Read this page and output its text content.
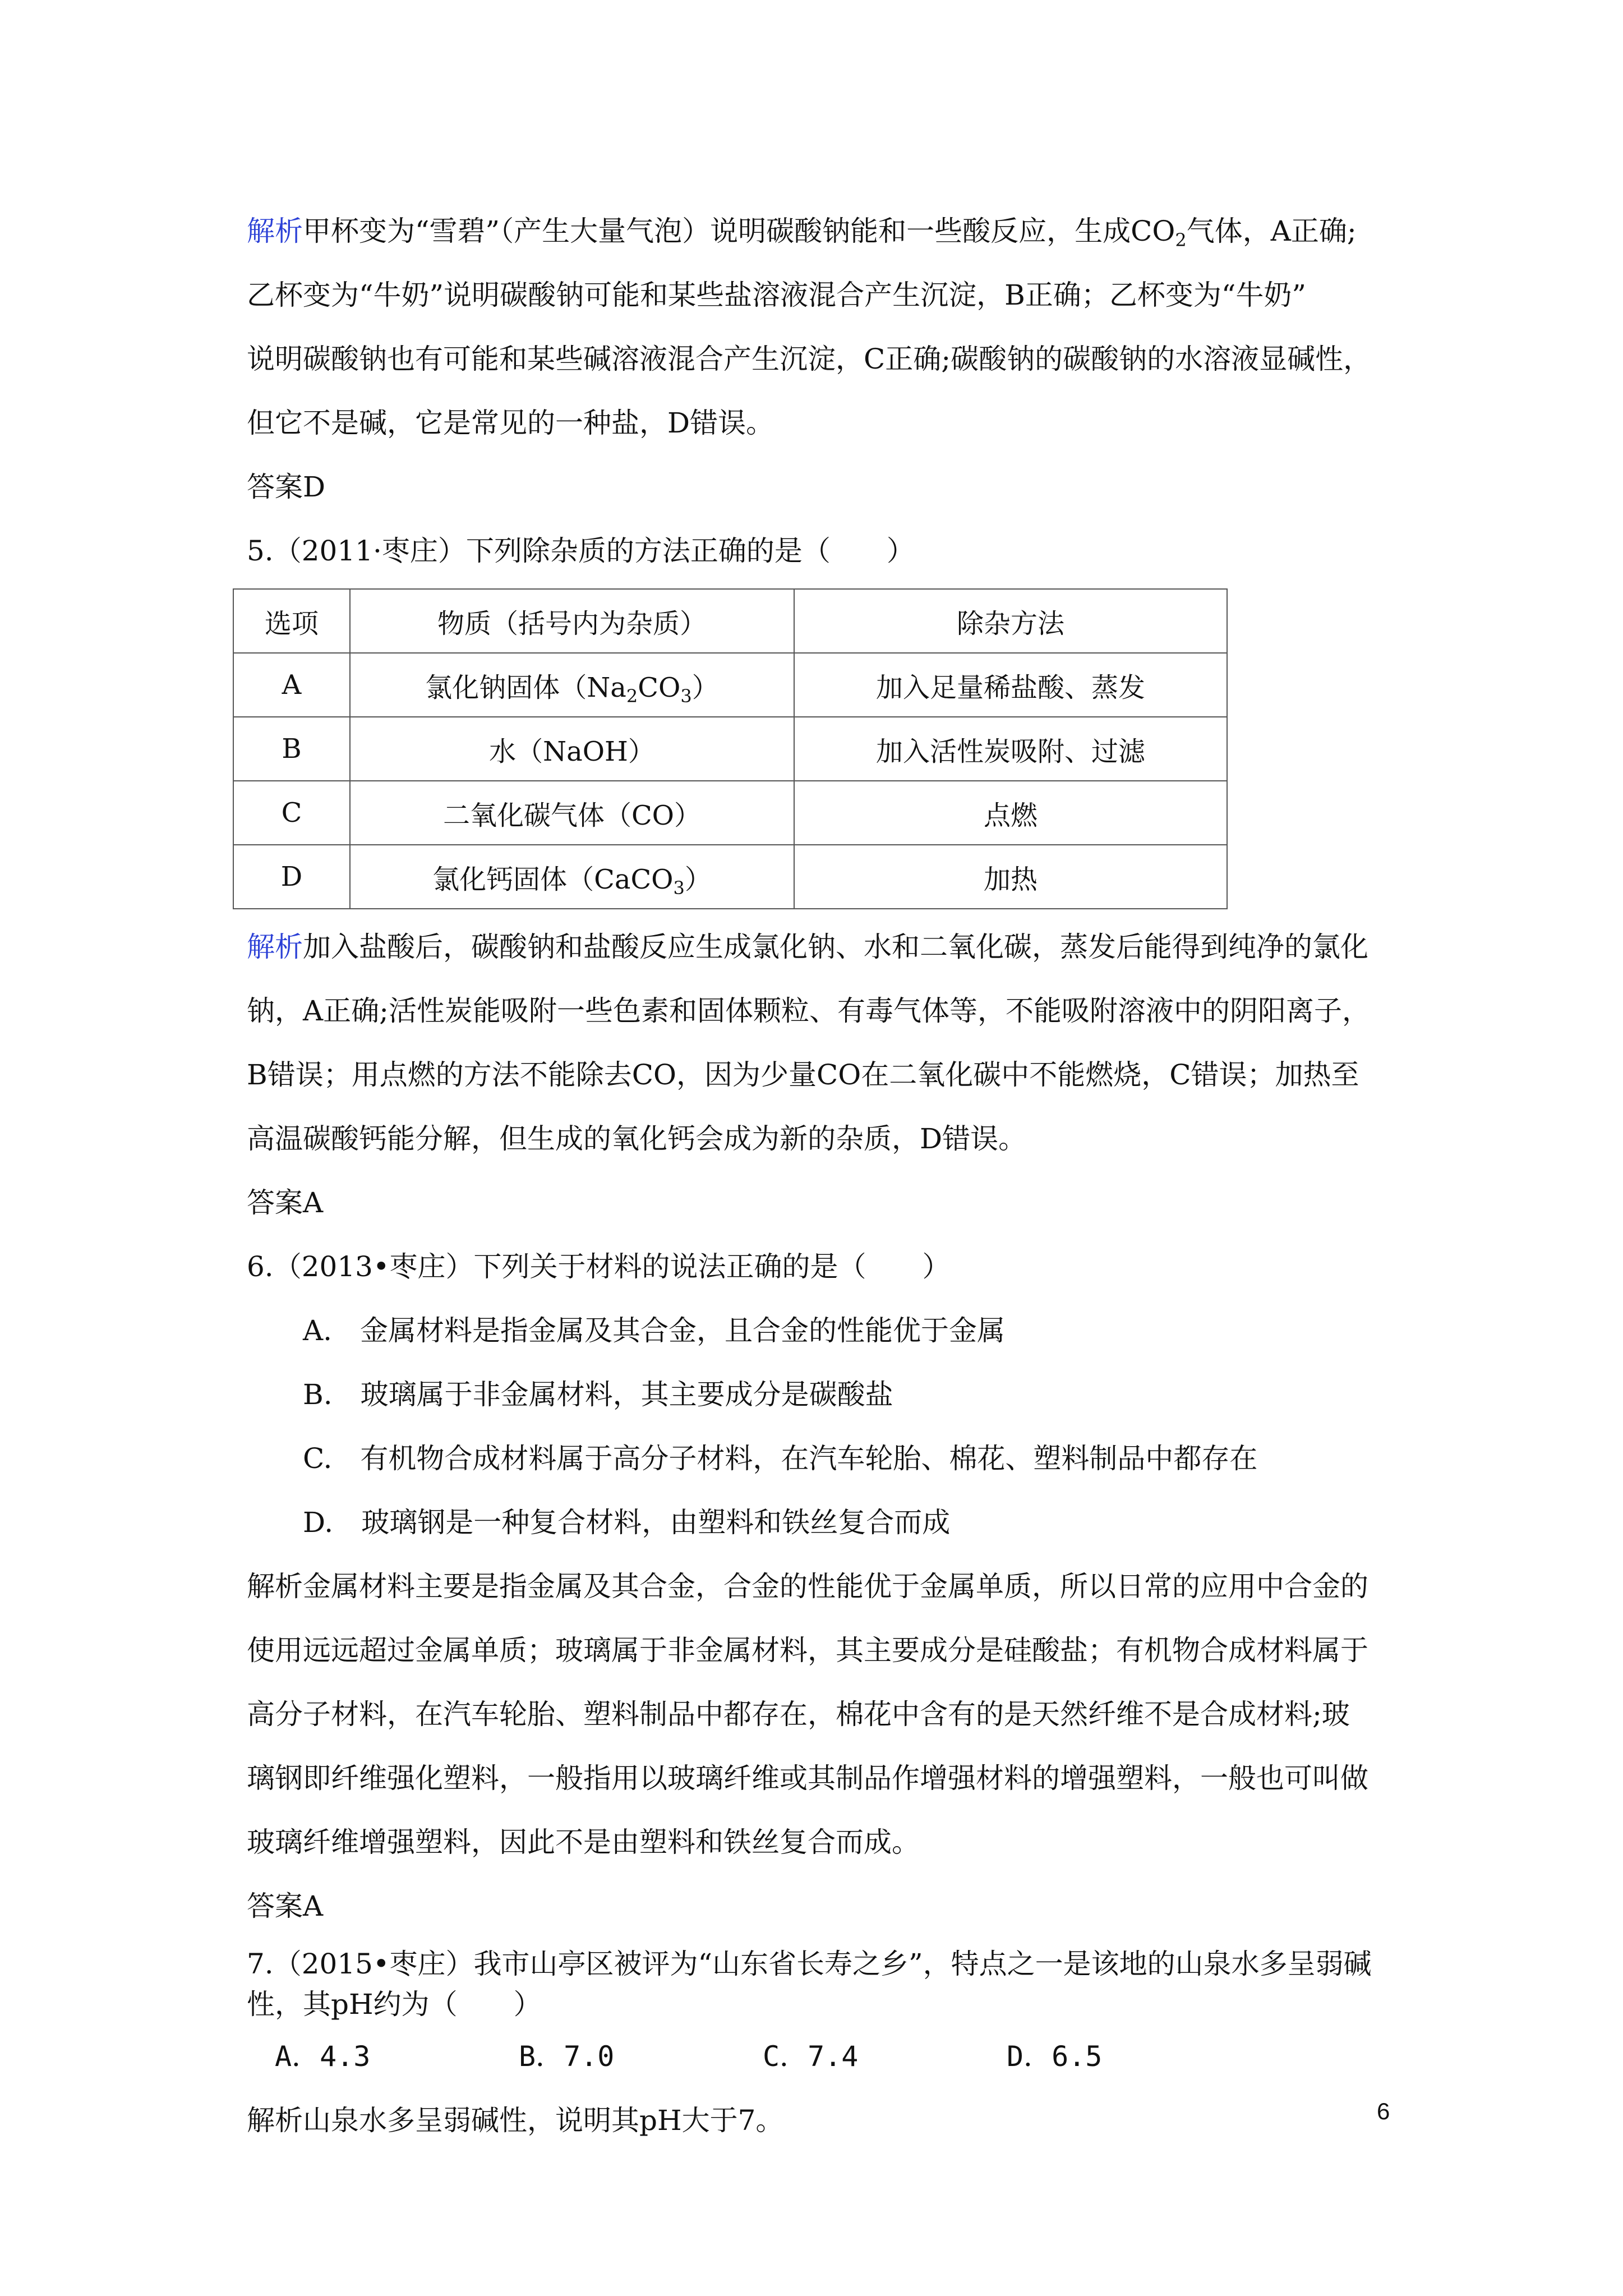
解析甲杯变为“雪碧”（产生大量气泡）说明碳酸钠能和一些酸反应，生成$CO_2$气体，A正确;

乙杯变为“牛奶”说明碳酸钠可能和某些盐溶液混合产生沉淀，B正确；乙杯变为“牛奶”

说明碳酸钠也有可能和某些碱溶液混合产生沉淀，C正确;碳酸钠的碳酸钠的水溶液显碱性，

但它不是碱，它是常见的一种盐，D错误。

答案D

5.（2011·枣庄）下列除杂质的方法正确的是（　　）

选项	物质（括号内为杂质）	除杂方法
A	氯化钠固体$(Na_2CO_3)$	加入足量稀盐酸、蒸发
B	水（NaOH）	加入活性炭吸附、过滤
C	二氧化碳气体（CO）	点燃
D	氯化钙固体（CaCO$_3$）	加热

解析加入盐酸后，碳酸钠和盐酸反应生成氯化钠、水和二氧化碳，蒸发后能得到纯净的氯化

钠，A正确;活性炭能吸附一些色素和固体颗粒、有毒气体等，不能吸附溶液中的阴阳离子，

B错误；用点燃的方法不能除去CO，因为少量CO在二氧化碳中不能燃烧，C错误；加热至

高温碳酸钙能分解，但生成的氧化钙会成为新的杂质，D错误。

答案A

6.（2013•枣庄）下列关于材料的说法正确的是（　　）

A.　金属材料是指金属及其合金，且合金的性能优于金属

B.　玻璃属于非金属材料，其主要成分是碳酸盐

C.　有机物合成材料属于高分子材料，在汽车轮胎、棉花、塑料制品中都存在

D.　玻璃钢是一种复合材料，由塑料和铁丝复合而成

解析金属材料主要是指金属及其合金，合金的性能优于金属单质，所以日常的应用中合金的

使用远远超过金属单质；玻璃属于非金属材料，其主要成分是硅酸盐；有机物合成材料属于

高分子材料，在汽车轮胎、塑料制品中都存在，棉花中含有的是天然纤维不是合成材料;玻

璃钢即纤维强化塑料，一般指用以玻璃纤维或其制品作增强材料的增强塑料，一般也可叫做

玻璃纤维增强塑料，因此不是由塑料和铁丝复合而成。

答案A

7.（2015•枣庄）我市山亭区被评为“山东省长寿之乡”，特点之一是该地的山泉水多呈弱碱

性，其pH约为（　　）

A．4.3	B．7.0	C．7.4	D．6.5

解析山泉水多呈弱碱性，说明其pH大于7。	6
